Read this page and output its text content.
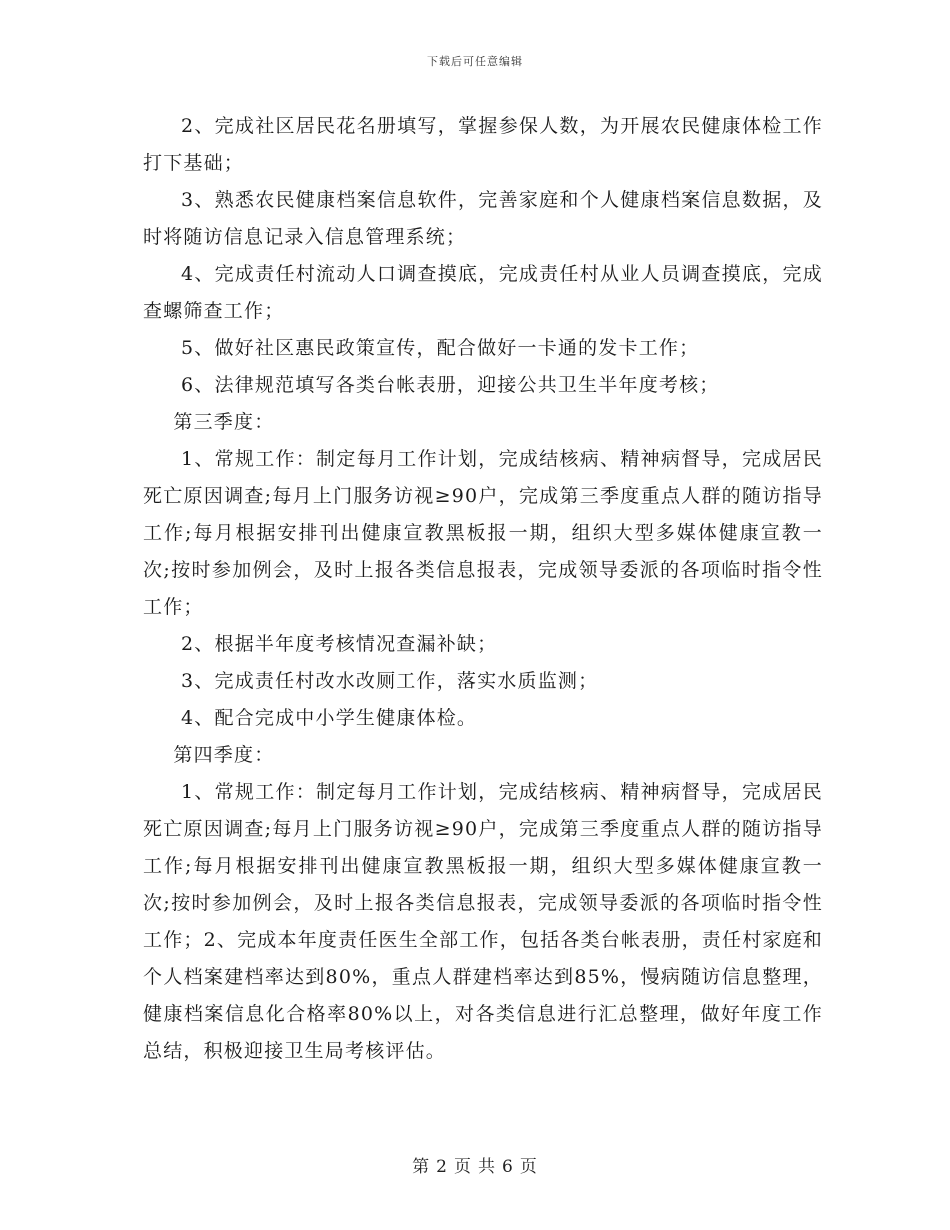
下载后可任意编辑

2、完成社区居民花名册填写，掌握参保人数，为开展农民健康体检工作打下基础；

3、熟悉农民健康档案信息软件，完善家庭和个人健康档案信息数据，及时将随访信息记录入信息管理系统；

4、完成责任村流动人口调查摸底，完成责任村从业人员调查摸底，完成查螺筛查工作；

5、做好社区惠民政策宣传，配合做好一卡通的发卡工作；

6、法律规范填写各类台帐表册，迎接公共卫生半年度考核；

第三季度：

1、常规工作：制定每月工作计划，完成结核病、精神病督导，完成居民死亡原因调查;每月上门服务访视≥90户，完成第三季度重点人群的随访指导工作;每月根据安排刊出健康宣教黑板报一期，组织大型多媒体健康宣教一次;按时参加例会，及时上报各类信息报表，完成领导委派的各项临时指令性工作；

2、根据半年度考核情况查漏补缺；

3、完成责任村改水改厕工作，落实水质监测；

4、配合完成中小学生健康体检。

第四季度：

1、常规工作：制定每月工作计划，完成结核病、精神病督导，完成居民死亡原因调查;每月上门服务访视≥90户，完成第三季度重点人群的随访指导工作;每月根据安排刊出健康宣教黑板报一期，组织大型多媒体健康宣教一次;按时参加例会，及时上报各类信息报表，完成领导委派的各项临时指令性工作；2、完成本年度责任医生全部工作，包括各类台帐表册，责任村家庭和个人档案建档率达到80%，重点人群建档率达到85%，慢病随访信息整理，健康档案信息化合格率80%以上，对各类信息进行汇总整理，做好年度工作总结，积极迎接卫生局考核评估。

第 2 页 共 6 页
